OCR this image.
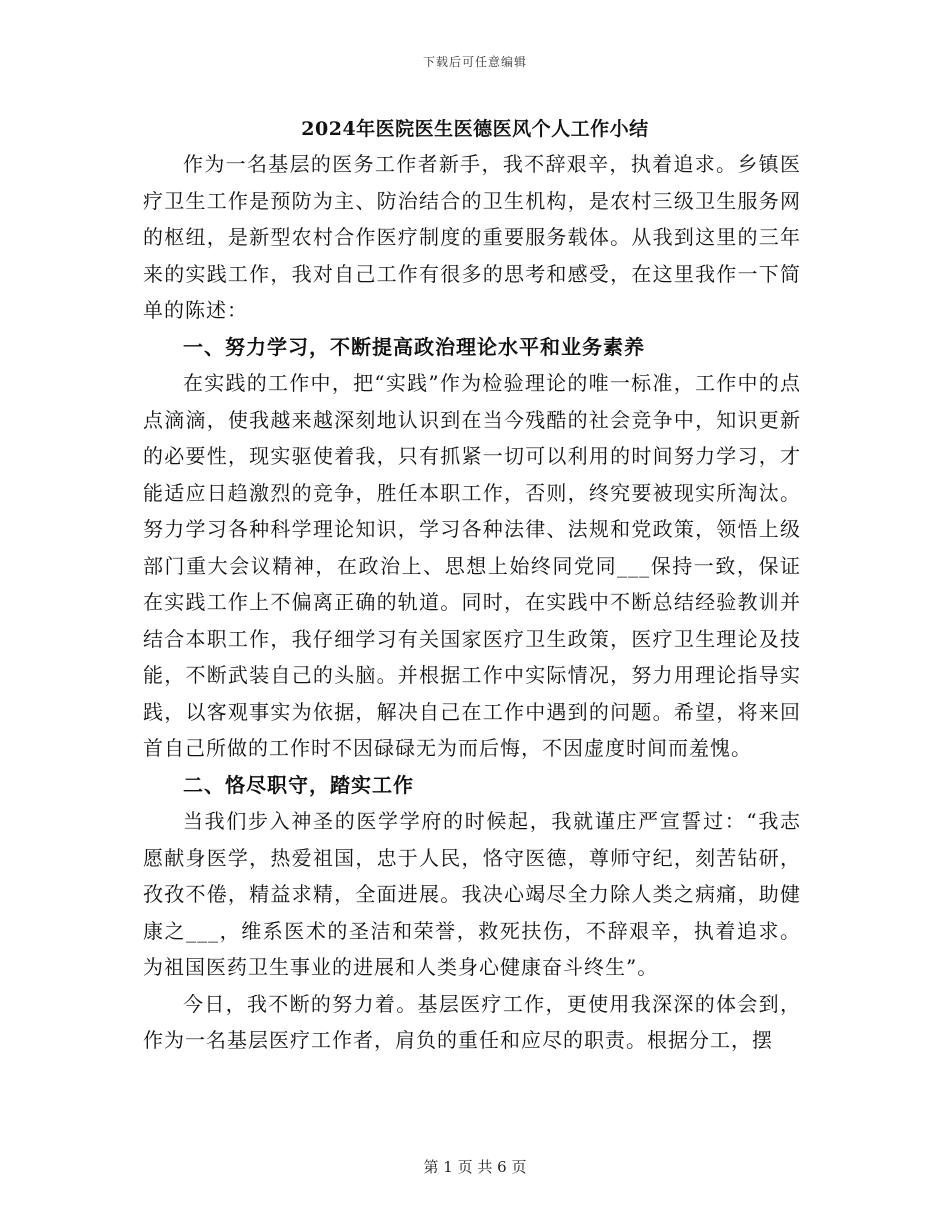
下载后可任意编辑
2024年医院医生医德医风个人工作小结

作为一名基层的医务工作者新手，我不辞艰辛，执着追求。乡镇医疗卫生工作是预防为主、防治结合的卫生机构，是农村三级卫生服务网的枢纽，是新型农村合作医疗制度的重要服务载体。从我到这里的三年来的实践工作，我对自己工作有很多的思考和感受，在这里我作一下简单的陈述：

一、努力学习，不断提高政治理论水平和业务素养

在实践的工作中，把“实践”作为检验理论的唯一标准，工作中的点点滴滴，使我越来越深刻地认识到在当今残酷的社会竞争中，知识更新的必要性，现实驱使着我，只有抓紧一切可以利用的时间努力学习，才能适应日趋激烈的竞争，胜任本职工作，否则，终究要被现实所淘汰。努力学习各种科学理论知识，学习各种法律、法规和党政策，领悟上级部门重大会议精神，在政治上、思想上始终同党同___保持一致，保证在实践工作上不偏离正确的轨道。同时，在实践中不断总结经验教训并结合本职工作，我仔细学习有关国家医疗卫生政策，医疗卫生理论及技能，不断武装自己的头脑。并根据工作中实际情况，努力用理论指导实践，以客观事实为依据，解决自己在工作中遇到的问题。希望，将来回首自己所做的工作时不因碌碌无为而后悔，不因虚度时间而羞愧。

二、恪尽职守，踏实工作

当我们步入神圣的医学学府的时候起，我就谨庄严宣誓过：“我志愿献身医学，热爱祖国，忠于人民，恪守医德，尊师守纪，刻苦钻研，孜孜不倦，精益求精，全面进展。我决心竭尽全力除人类之病痛，助健康之___，维系医术的圣洁和荣誉，救死扶伤，不辞艰辛，执着追求。为祖国医药卫生事业的进展和人类身心健康奋斗终生”。

今日，我不断的努力着。基层医疗工作，更使用我深深的体会到，作为一名基层医疗工作者，肩负的重任和应尽的职责。根据分工，摆

第 1 页 共 6 页
